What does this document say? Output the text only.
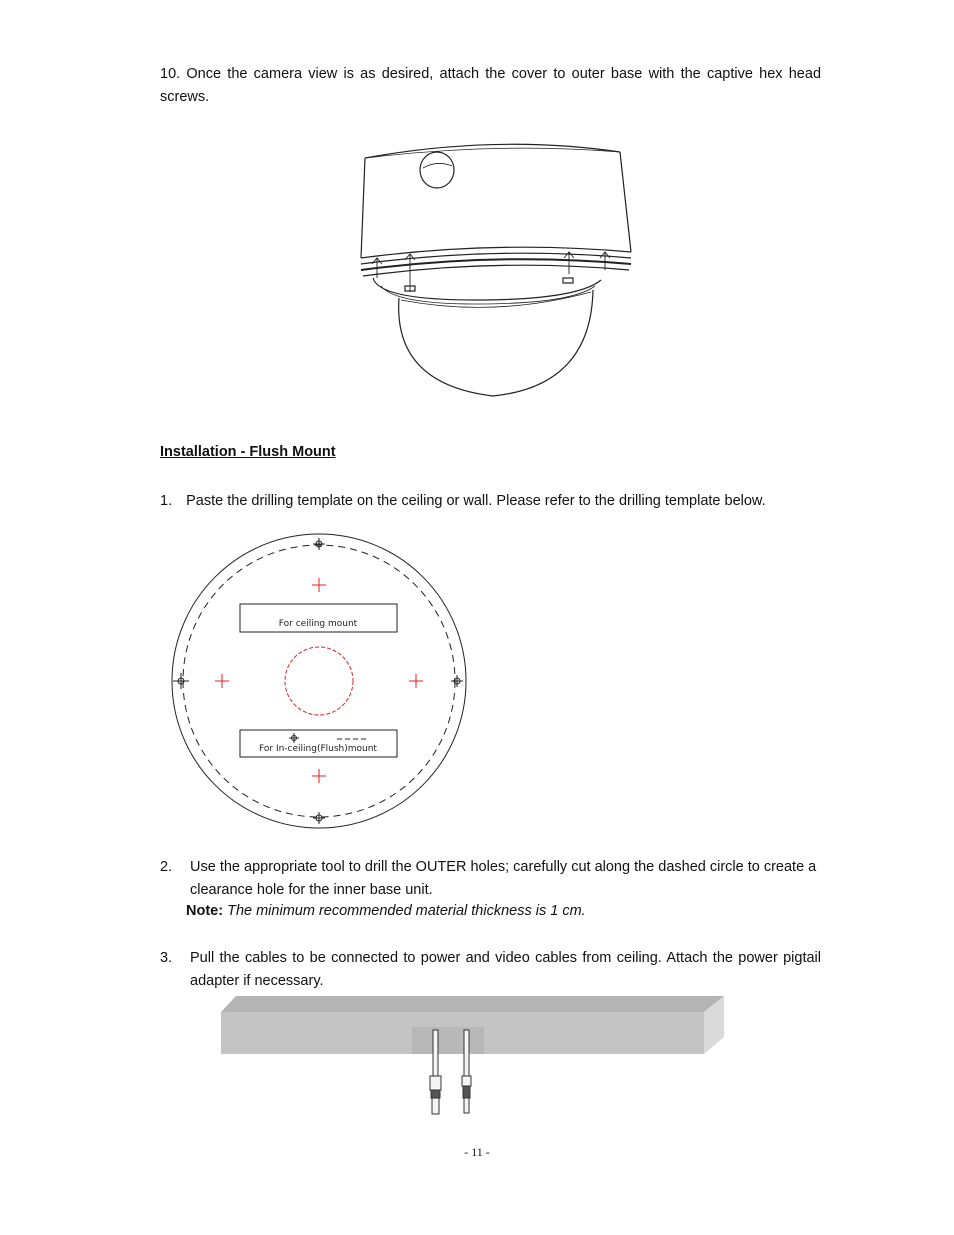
10. Once the camera view is as desired, attach the cover to outer base with the captive hex head screws.
Installation - Flush Mount
1. Paste the drilling template on the ceiling or wall. Please refer to the drilling template below.
For ceiling mount
For In-ceiling(Flush)mount
2. Use the appropriate tool to drill the OUTER holes; carefully cut along the dashed circle to create a clearance hole for the inner base unit.
Note: The minimum recommended material thickness is 1 cm.
3. Pull the cables to be connected to power and video cables from ceiling. Attach the power pigtail adapter if necessary.
- 11 -
